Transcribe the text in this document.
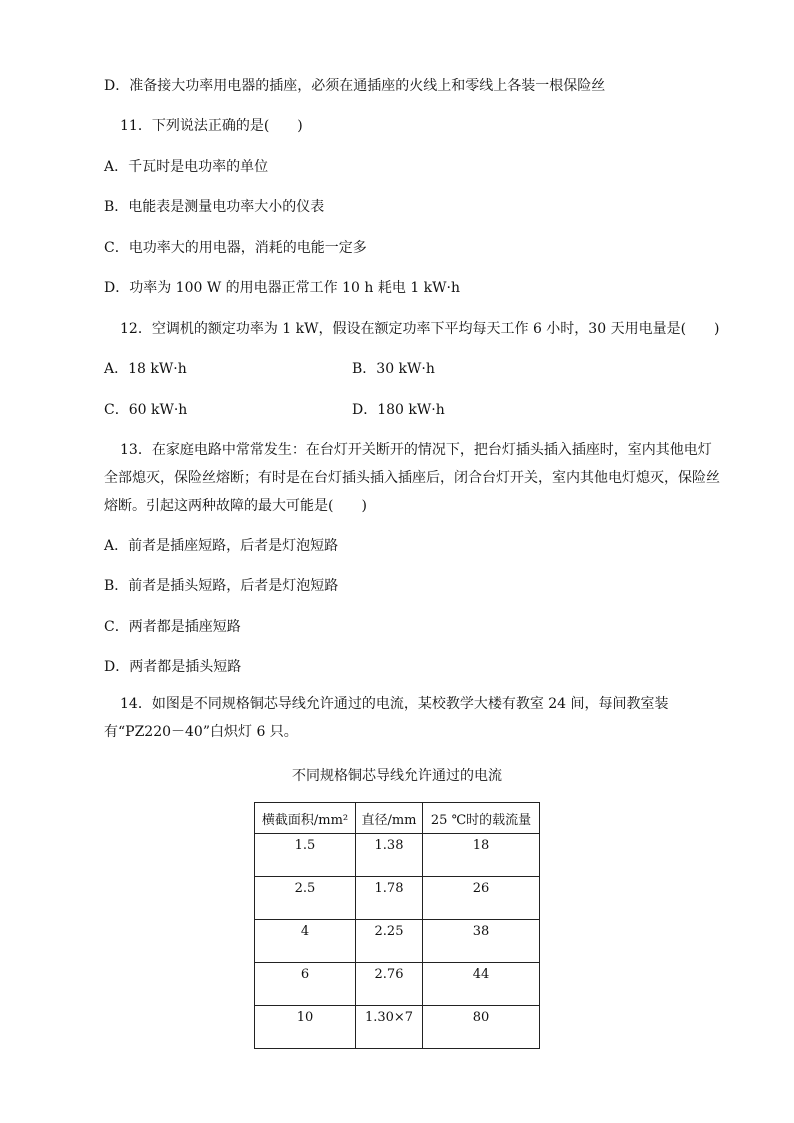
D．准备接大功率用电器的插座，必须在通插座的火线上和零线上各装一根保险丝
11．下列说法正确的是(　　)
A．千瓦时是电功率的单位
B．电能表是测量电功率大小的仪表
C．电功率大的用电器，消耗的电能一定多
D．功率为 100 W 的用电器正常工作 10 h 耗电 1 kW·h
12．空调机的额定功率为 1 kW，假设在额定功率下平均每天工作 6 小时，30 天用电量是(　　)
A．18 kW·h	B．30 kW·h
C．60 kW·h	D．180 kW·h
13．在家庭电路中常常发生：在台灯开关断开的情况下，把台灯插头插入插座时，室内其他电灯全部熄灭，保险丝熔断；有时是在台灯插头插入插座后，闭合台灯开关，室内其他电灯熄灭，保险丝熔断。引起这两种故障的最大可能是(　　)
A．前者是插座短路，后者是灯泡短路
B．前者是插头短路，后者是灯泡短路
C．两者都是插座短路
D．两者都是插头短路
14．如图是不同规格铜芯导线允许通过的电流，某校教学大楼有教室 24 间，每间教室装有“PZ220－40”白炽灯 6 只。
不同规格铜芯导线允许通过的电流
横截面积/mm²	直径/mm	25 ℃时的载流量
1.5	1.38	18
2.5	1.78	26
4	2.25	38
6	2.76	44
10	1.30×7	80
